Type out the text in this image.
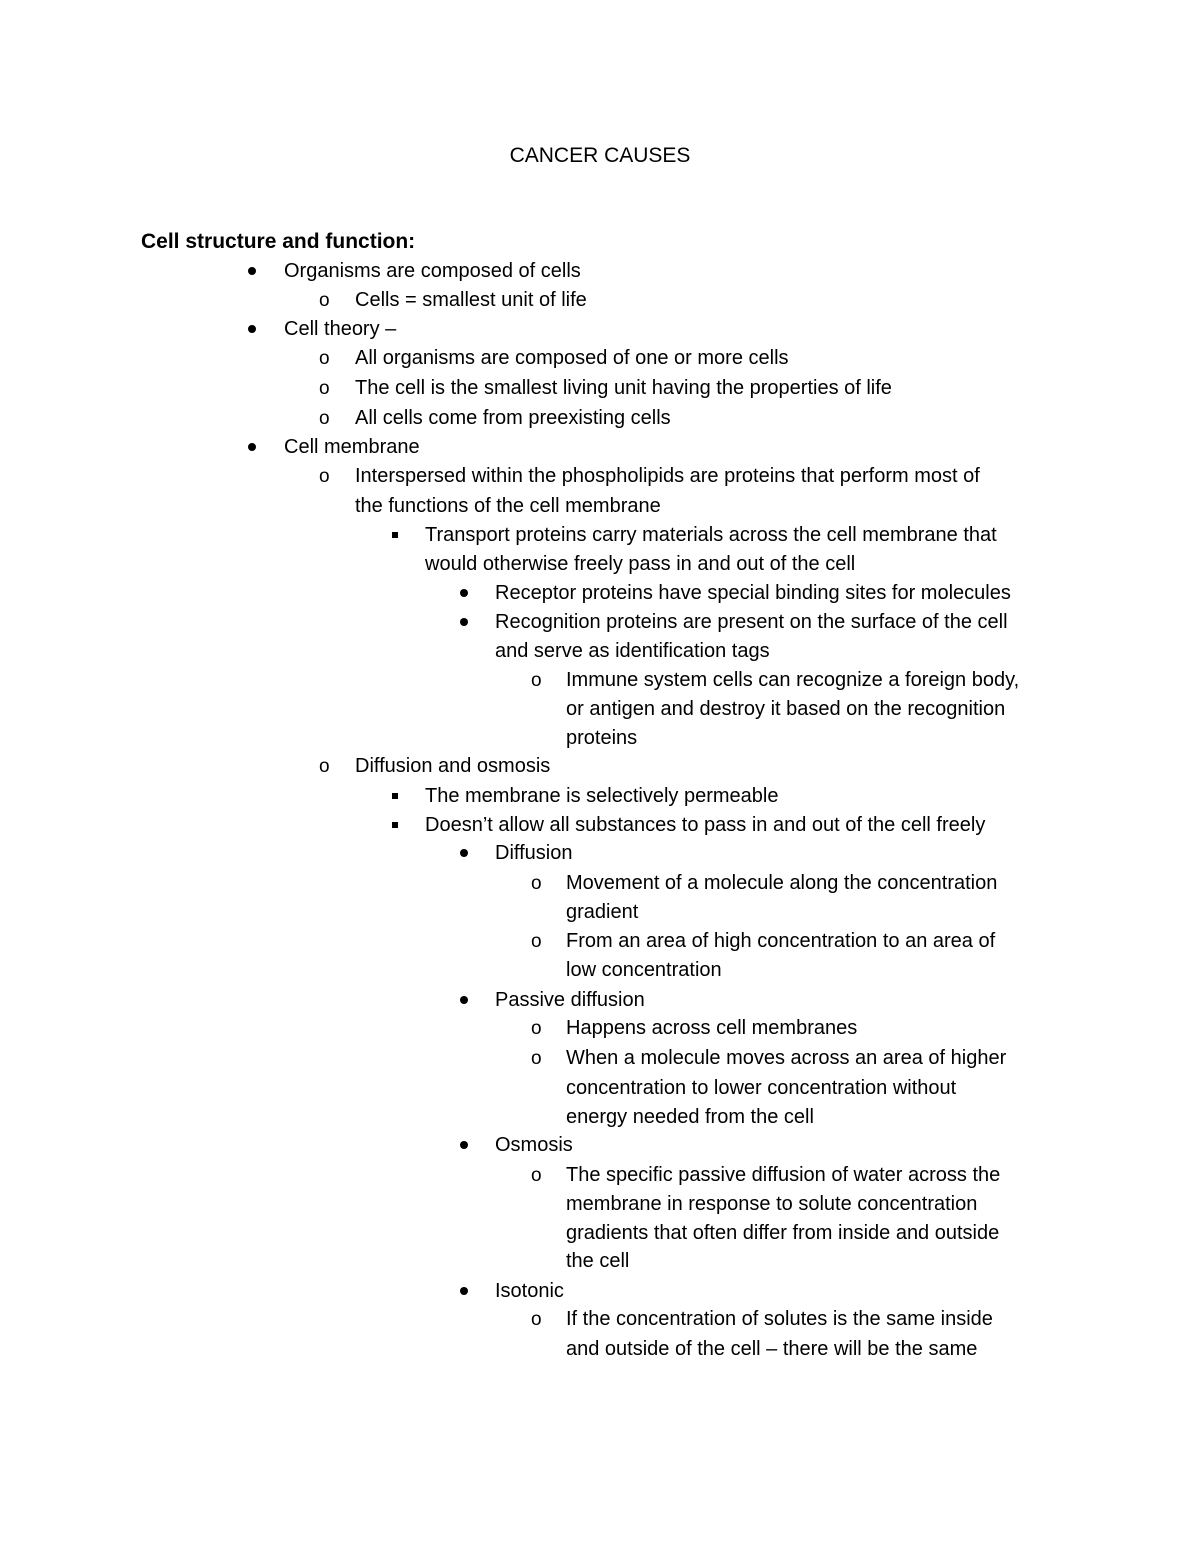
CANCER CAUSES
Cell structure and function:
o
o
o
o
o
o
o
o
o
o
o
o
o
Organisms are composed of cells
Cells = smallest unit of life
Cell theory –
All organisms are composed of one or more cells
The cell is the smallest living unit having the properties of life
All cells come from preexisting cells
Cell membrane
Interspersed within the phospholipids are proteins that perform most of
the functions of the cell membrane
Transport proteins carry materials across the cell membrane that
would otherwise freely pass in and out of the cell
Receptor proteins have special binding sites for molecules
Recognition proteins are present on the surface of the cell
and serve as identification tags
Immune system cells can recognize a foreign body,
or antigen and destroy it based on the recognition
proteins
Diffusion and osmosis
The membrane is selectively permeable
Doesn’t allow all substances to pass in and out of the cell freely
Diffusion
Movement of a molecule along the concentration
gradient
From an area of high concentration to an area of
low concentration
Passive diffusion
Happens across cell membranes
When a molecule moves across an area of higher
concentration to lower concentration without
energy needed from the cell
Osmosis
The specific passive diffusion of water across the
membrane in response to solute concentration
gradients that often differ from inside and outside
the cell
Isotonic
If the concentration of solutes is the same inside
and outside of the cell – there will be the same
